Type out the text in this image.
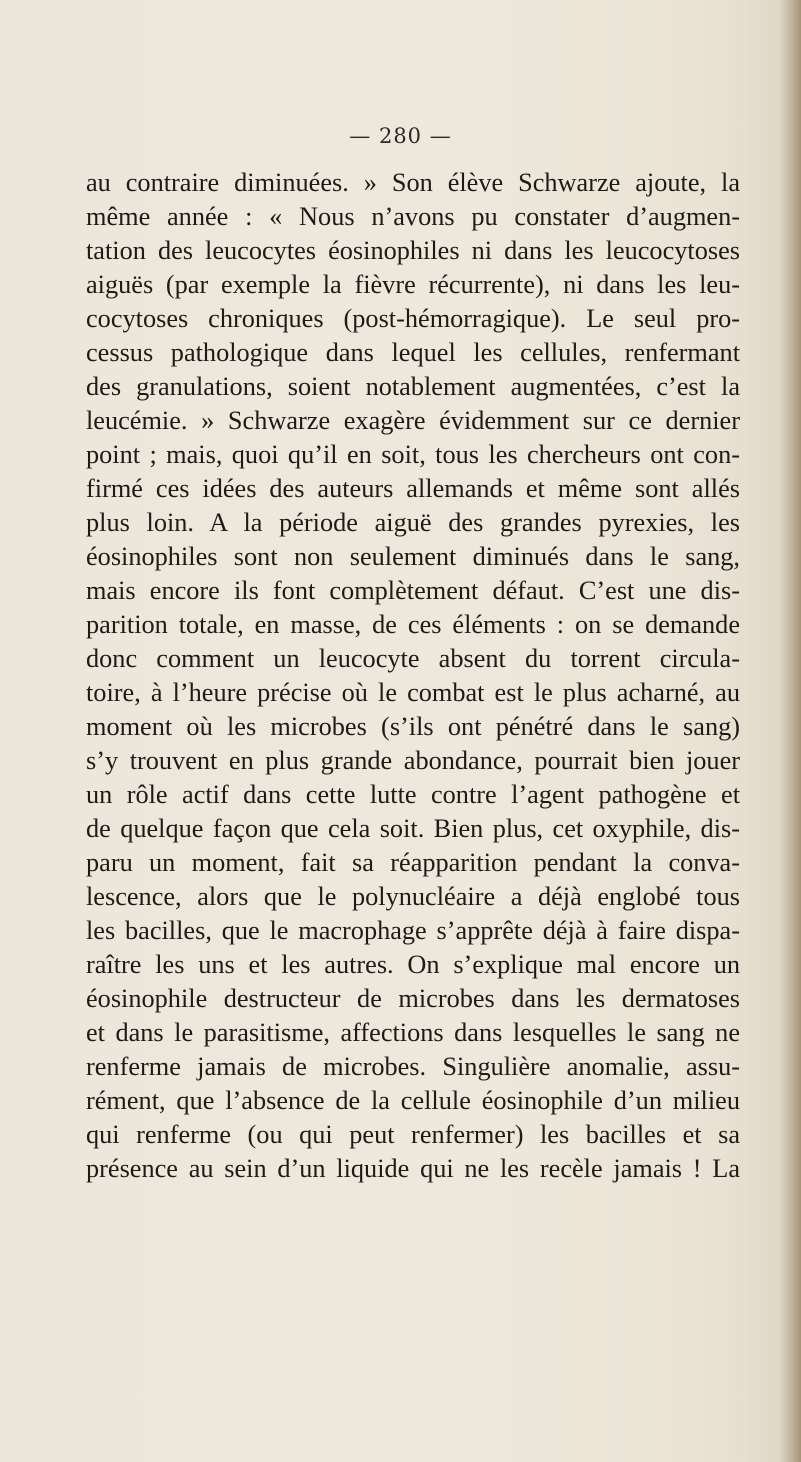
— 280 —
au contraire diminuées. » Son élève Schwarze ajoute, la
même année : « Nous n’avons pu constater d’augmen-
tation des leucocytes éosinophiles ni dans les leucocytoses
aiguës (par exemple la fièvre récurrente), ni dans les leu-
cocytoses chroniques (post-hémorragique). Le seul pro-
cessus pathologique dans lequel les cellules, renfermant
des granulations, soient notablement augmentées, c’est la
leucémie. » Schwarze exagère évidemment sur ce dernier
point ; mais, quoi qu’il en soit, tous les chercheurs ont con-
firmé ces idées des auteurs allemands et même sont allés
plus loin. A la période aiguë des grandes pyrexies, les
éosinophiles sont non seulement diminués dans le sang,
mais encore ils font complètement défaut. C’est une dis-
parition totale, en masse, de ces éléments : on se demande
donc comment un leucocyte absent du torrent circula-
toire, à l’heure précise où le combat est le plus acharné, au
moment où les microbes (s’ils ont pénétré dans le sang)
s’y trouvent en plus grande abondance, pourrait bien jouer
un rôle actif dans cette lutte contre l’agent pathogène et
de quelque façon que cela soit. Bien plus, cet oxyphile, dis-
paru un moment, fait sa réapparition pendant la conva-
lescence, alors que le polynucléaire a déjà englobé tous
les bacilles, que le macrophage s’apprête déjà à faire dispa-
raître les uns et les autres. On s’explique mal encore un
éosinophile destructeur de microbes dans les dermatoses
et dans le parasitisme, affections dans lesquelles le sang ne
renferme jamais de microbes. Singulière anomalie, assu-
rément, que l’absence de la cellule éosinophile d’un milieu
qui renferme (ou qui peut renfermer) les bacilles et sa
présence au sein d’un liquide qui ne les recèle jamais ! La
